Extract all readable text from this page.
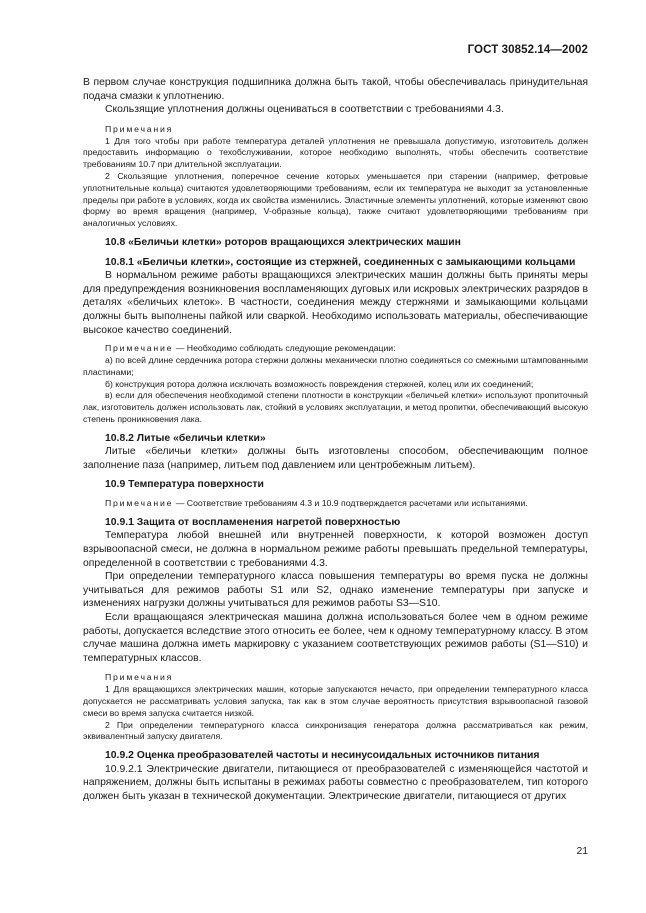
ГОСТ 30852.14—2002

В первом случае конструкция подшипника должна быть такой, чтобы обеспечивалась принудительная подача смазки к уплотнению.

Скользящие уплотнения должны оцениваться в соответствии с требованиями 4.3.

Примечания

1 Для того чтобы при работе температура деталей уплотнения не превышала допустимую, изготовитель должен предоставить информацию о техобслуживании, которое необходимо выполнять, чтобы обеспечить соответствие требованиям 10.7 при длительной эксплуатации.

2 Скользящие уплотнения, поперечное сечение которых уменьшается при старении (например, фетровые уплотнительные кольца) считаются удовлетворяющими требованиям, если их температура не выходит за установленные пределы при работе в условиях, когда их свойства изменились. Эластичные элементы уплотнений, которые изменяют свою форму во время вращения (например, V-образные кольца), также считают удовлетворяющими требованиям при аналогичных условиях.

10.8 «Беличьи клетки» роторов вращающихся электрических машин

10.8.1 «Беличьи клетки», состоящие из стержней, соединенных с замыкающими кольцами

В нормальном режиме работы вращающихся электрических машин должны быть приняты меры для предупреждения возникновения воспламеняющих дуговых или искровых электрических разрядов в деталях «беличьих клеток». В частности, соединения между стержнями и замыкающими кольцами должны быть выполнены пайкой или сваркой. Необходимо использовать материалы, обеспечивающие высокое качество соединений.

Примечание — Необходимо соблюдать следующие рекомендации:

а) по всей длине сердечника ротора стержни должны механически плотно соединяться со смежными штампованными пластинами;

б) конструкция ротора должна исключать возможность повреждения стержней, колец или их соединений;

в) если для обеспечения необходимой степени плотности в конструкции «беличьей клетки» используют пропиточный лак, изготовитель должен использовать лак, стойкий в условиях эксплуатации, и метод пропитки, обеспечивающий высокую степень проникновения лака.

10.8.2 Литые «беличьи клетки»

Литые «беличьи клетки» должны быть изготовлены способом, обеспечивающим полное заполнение паза (например, литьем под давлением или центробежным литьем).

10.9 Температура поверхности

Примечание — Соответствие требованиям 4.3 и 10.9 подтверждается расчетами или испытаниями.

10.9.1 Защита от воспламенения нагретой поверхностью

Температура любой внешней или внутренней поверхности, к которой возможен доступ взрывоопасной смеси, не должна в нормальном режиме работы превышать предельной температуры, определенной в соответствии с требованиями 4.3.

При определении температурного класса повышения температуры во время пуска не должны учитываться для режимов работы S1 или S2, однако изменение температуры при запуске и изменениях нагрузки должны учитываться для режимов работы S3—S10.

Если вращающаяся электрическая машина должна использоваться более чем в одном режиме работы, допускается вследствие этого относить ее более, чем к одному температурному классу. В этом случае машина должна иметь маркировку с указанием соответствующих режимов работы (S1—S10) и температурных классов.

Примечания

1 Для вращающихся электрических машин, которые запускаются нечасто, при определении температурного класса допускается не рассматривать условия запуска, так как в этом случае вероятность присутствия взрывоопасной газовой смеси во время запуска считается низкой.

2 При определении температурного класса синхронизация генератора должна рассматриваться как режим, эквивалентный запуску двигателя.

10.9.2 Оценка преобразователей частоты и несинусоидальных источников питания

10.9.2.1 Электрические двигатели, питающиеся от преобразователей с изменяющейся частотой и напряжением, должны быть испытаны в режимах работы совместно с преобразователем, тип которого должен быть указан в технической документации. Электрические двигатели, питающиеся от других

21
